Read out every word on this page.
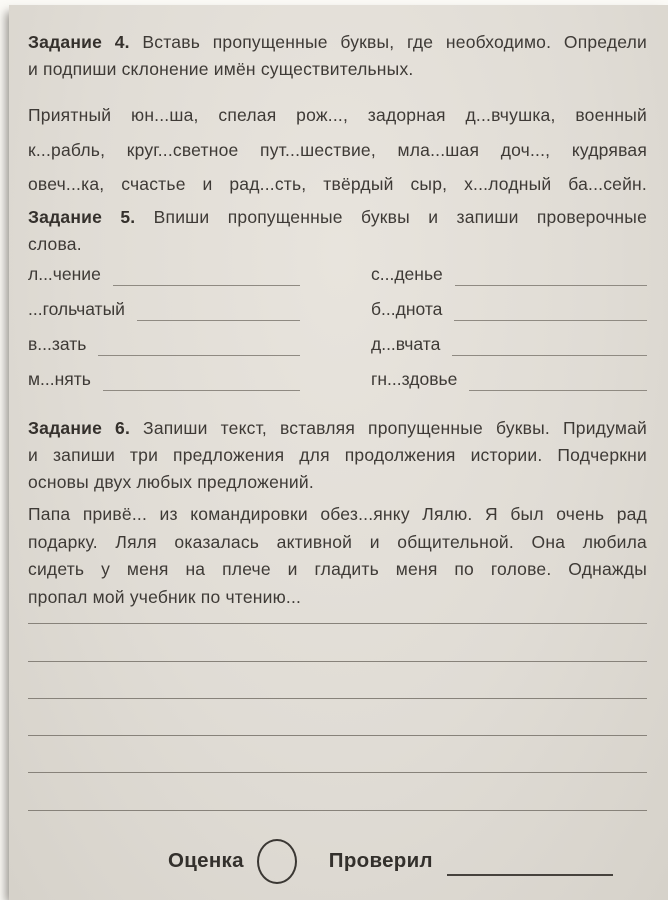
Задание 4. Вставь пропущенные буквы, где необходимо. Определи
и подпиши склонение имён существительных.
Приятный юн...ша, спелая рож..., задорная д...вчушка, военный
к...рабль, круг...светное пут...шествие, мла...шая доч..., кудрявая
овеч...ка, счастье и рад...сть, твёрдый сыр, х...лодный ба...сейн.
Задание 5. Впиши пропущенные буквы и запиши проверочные
слова.
л...чение	с...денье
...гольчатый	б...днота
в...зать	д...вчата
м...нять	гн...здовье
Задание 6. Запиши текст, вставляя пропущенные буквы. Придумай
и запиши три предложения для продолжения истории. Подчеркни
основы двух любых предложений.
Папа привё... из командировки обез...янку Лялю. Я был очень рад
подарку. Ляля оказалась активной и общительной. Она любила
сидеть у меня на плече и гладить меня по голове. Однажды
пропал мой учебник по чтению...
Оценка	Проверил
